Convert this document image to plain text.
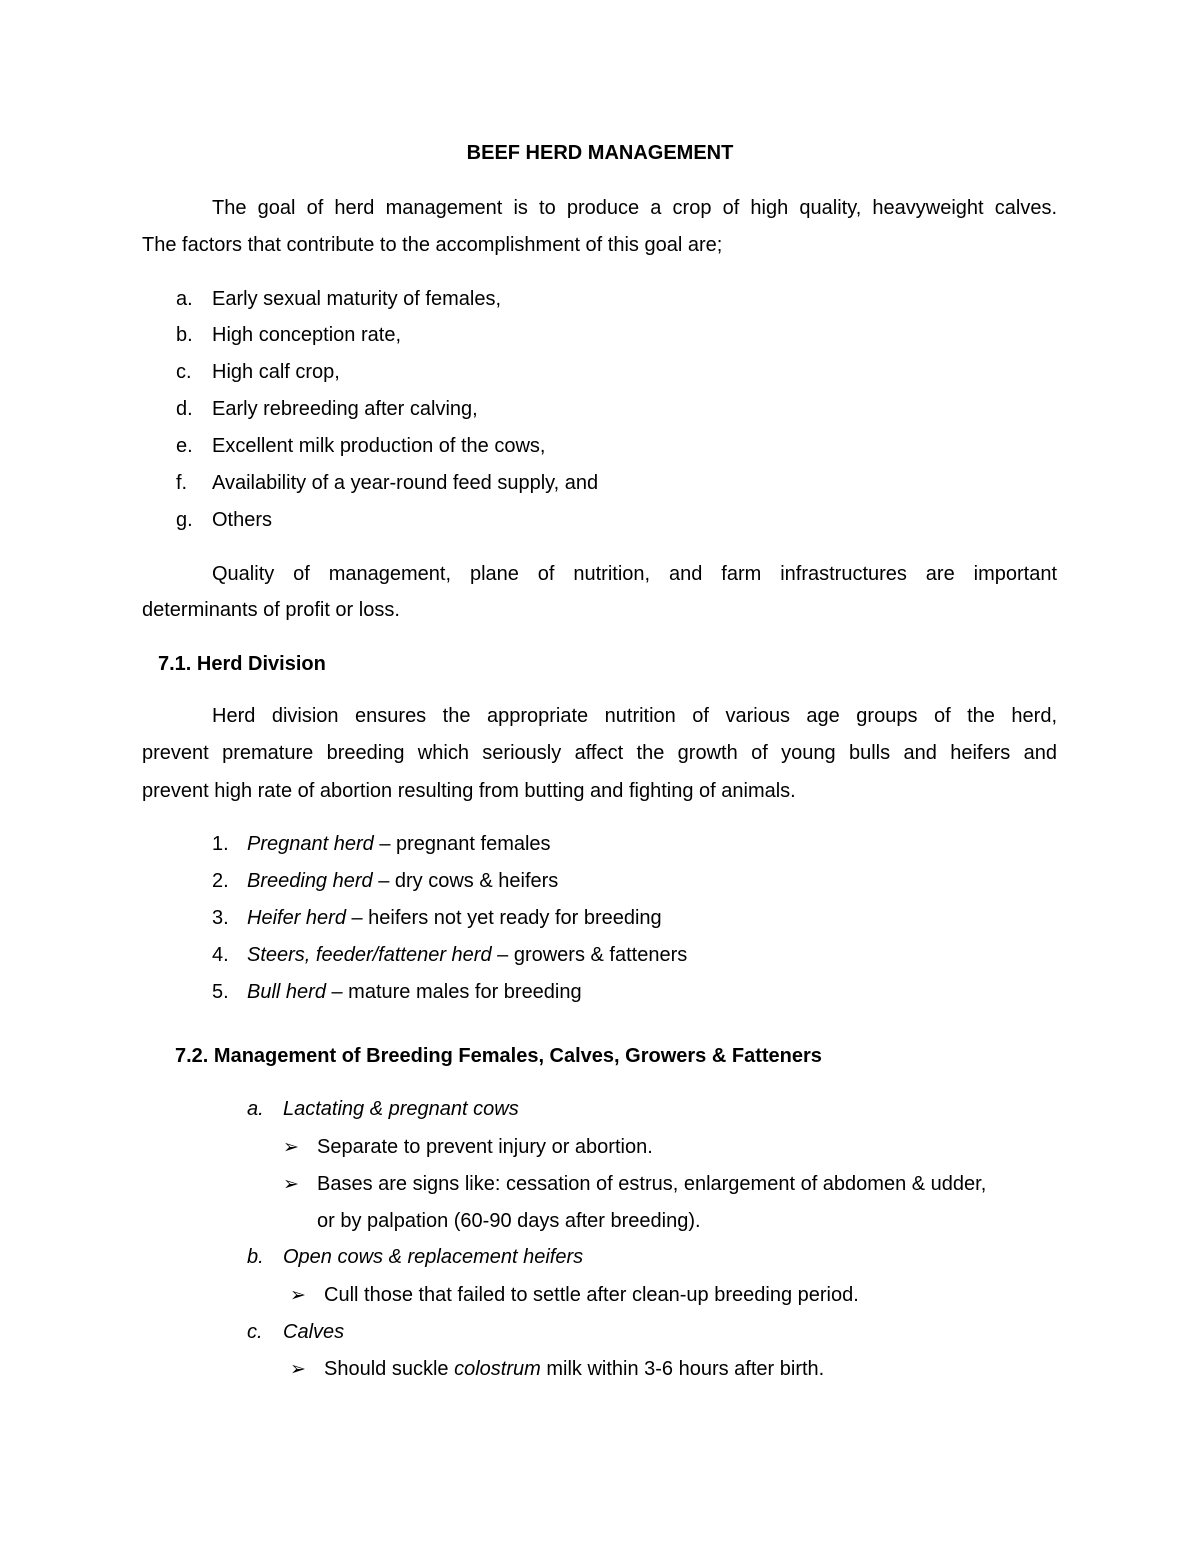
BEEF HERD MANAGEMENT
The goal of herd management is to produce a crop of high quality, heavyweight calves.
The factors that contribute to the accomplishment of this goal are;
a. Early sexual maturity of females,
b. High conception rate,
c. High calf crop,
d. Early rebreeding after calving,
e. Excellent milk production of the cows,
f. Availability of a year-round feed supply, and
g. Others
Quality of management, plane of nutrition, and farm infrastructures are important
determinants of profit or loss.
7.1. Herd Division
Herd division ensures the appropriate nutrition of various age groups of the herd,
prevent premature breeding which seriously affect the growth of young bulls and heifers and
prevent high rate of abortion resulting from butting and fighting of animals.
1. Pregnant herd – pregnant females
2. Breeding herd – dry cows & heifers
3. Heifer herd – heifers not yet ready for breeding
4. Steers, feeder/fattener herd – growers & fatteners
5. Bull herd – mature males for breeding
7.2. Management of Breeding Females, Calves, Growers & Fatteners
a. Lactating & pregnant cows
➢ Separate to prevent injury or abortion.
➢ Bases are signs like: cessation of estrus, enlargement of abdomen & udder,
or by palpation (60-90 days after breeding).
b. Open cows & replacement heifers
➢ Cull those that failed to settle after clean-up breeding period.
c. Calves
➢ Should suckle colostrum milk within 3-6 hours after birth.
